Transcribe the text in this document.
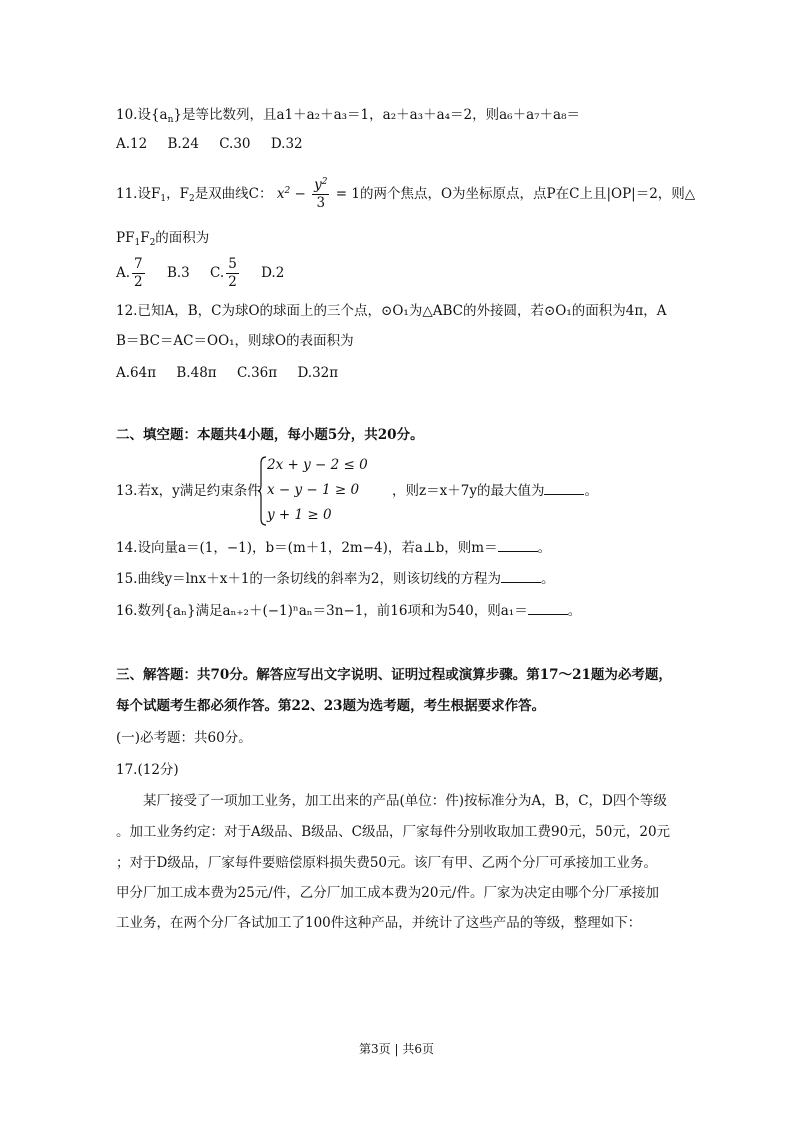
10.设$\{a_n\}$是等比数列，且a1＋a₂＋a₃＝1，a₂＋a₃＋a₄＝2，则a₆＋a₇＋a₈＝
A.12 B.24 C.30 D.32
11.设$F_1$，$F_2$是双曲线C： $x^2 - \frac{y^2}{3} = 1$的两个焦点，O为坐标原点，点P在C上且|OP|＝2，则△
$PF_1F_2$的面积为
A. $\frac{7}{2} B.3$ C. $\frac{5}{2} D.2$
12.已知A，B，C为球O的球面上的三个点，⊙O₁为△ABC的外接圆，若⊙O₁的面积为4π，A
B＝BC＝AC＝OO₁，则球O的表面积为
A.64π B.48π C.36π D.32π
二、填空题：本题共4小题，每小题5分，共20分。
13.若x，y满足约束条件
2x + y − 2 ≤ 0
x − y − 1 ≥ 0
y + 1 ≥ 0
，则z＝x＋7y的最大值为	。
14.设向量a＝(1，−1)，b＝(m＋1，2m−4)，若a⊥b，则m＝	。
15.曲线y＝lnx＋x＋1的一条切线的斜率为2，则该切线的方程为	。
16.数列{aₙ}满足aₙ₊₂＋(−1)ⁿaₙ＝3n−1，前16项和为540，则a₁＝	。
三、解答题：共70分。解答应写出文字说明、证明过程或演算步骤。第17～21题为必考题，
每个试题考生都必须作答。第22、23题为选考题，考生根据要求作答。
(一)必考题：共60分。
17.(12分)
某厂接受了一项加工业务，加工出来的产品(单位：件)按标准分为A，B，C，D四个等级
。加工业务约定：对于A级品、B级品、C级品，厂家每件分别收取加工费90元，50元，20元
；对于D级品，厂家每件要赔偿原料损失费50元。该厂有甲、乙两个分厂可承接加工业务。
甲分厂加工成本费为25元/件，乙分厂加工成本费为20元/件。厂家为决定由哪个分厂承接加
工业务，在两个分厂各试加工了100件这种产品，并统计了这些产品的等级，整理如下：
第3页 | 共6页
